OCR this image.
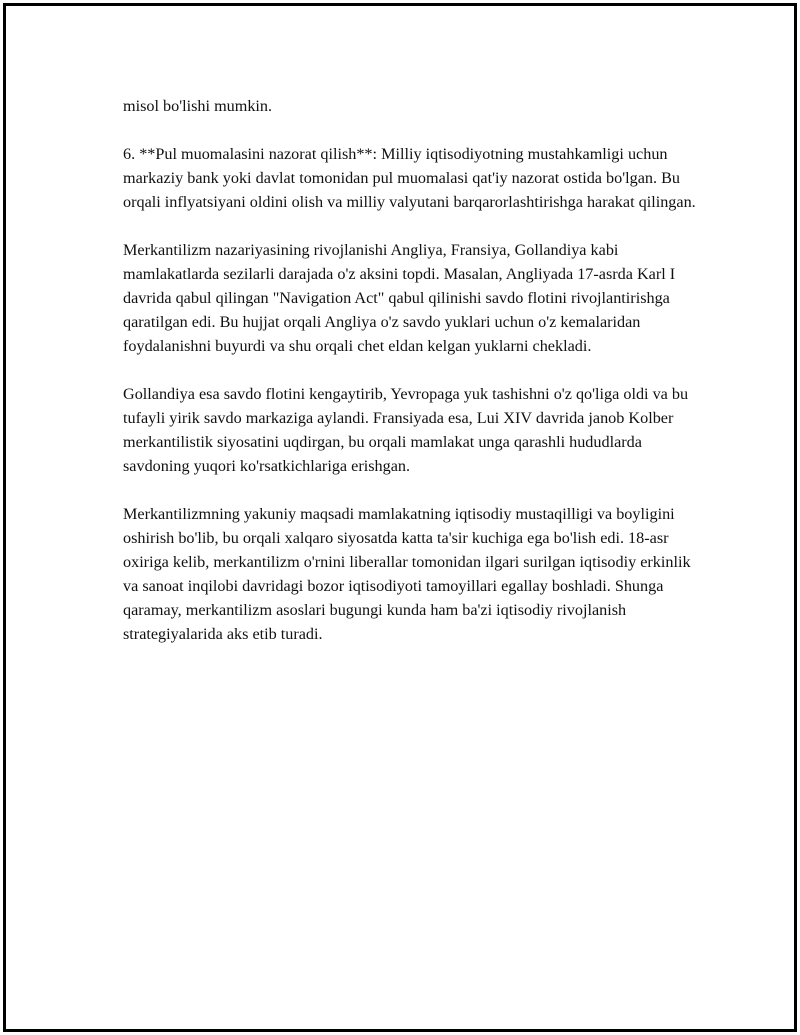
misol bo'lishi mumkin.

6. **Pul muomalasini nazorat qilish**: Milliy iqtisodiyotning mustahkamligi uchun markaziy bank yoki davlat tomonidan pul muomalasi qat'iy nazorat ostida bo'lgan. Bu orqali inflyatsiyani oldini olish va milliy valyutani barqarorlashtirishga harakat qilingan.

Merkantilizm nazariyasining rivojlanishi Angliya, Fransiya, Gollandiya kabi mamlakatlarda sezilarli darajada o'z aksini topdi. Masalan, Angliyada 17-asrda Karl I davrida qabul qilingan "Navigation Act" qabul qilinishi savdo flotini rivojlantirishga qaratilgan edi. Bu hujjat orqali Angliya o'z savdo yuklari uchun o'z kemalaridan foydalanishni buyurdi va shu orqali chet eldan kelgan yuklarni chekladi.

Gollandiya esa savdo flotini kengaytirib, Yevropaga yuk tashishni o'z qo'liga oldi va bu tufayli yirik savdo markaziga aylandi. Fransiyada esa, Lui XIV davrida janob Kolber merkantilistik siyosatini uqdirgan, bu orqali mamlakat unga qarashli hududlarda savdoning yuqori ko'rsatkichlariga erishgan.

Merkantilizmning yakuniy maqsadi mamlakatning iqtisodiy mustaqilligi va boyligini oshirish bo'lib, bu orqali xalqaro siyosatda katta ta'sir kuchiga ega bo'lish edi. 18-asr oxiriga kelib, merkantilizm o'rnini liberallar tomonidan ilgari surilgan iqtisodiy erkinlik va sanoat inqilobi davridagi bozor iqtisodiyoti tamoyillari egallay boshladi. Shunga qaramay, merkantilizm asoslari bugungi kunda ham ba'zi iqtisodiy rivojlanish strategiyalarida aks etib turadi.
